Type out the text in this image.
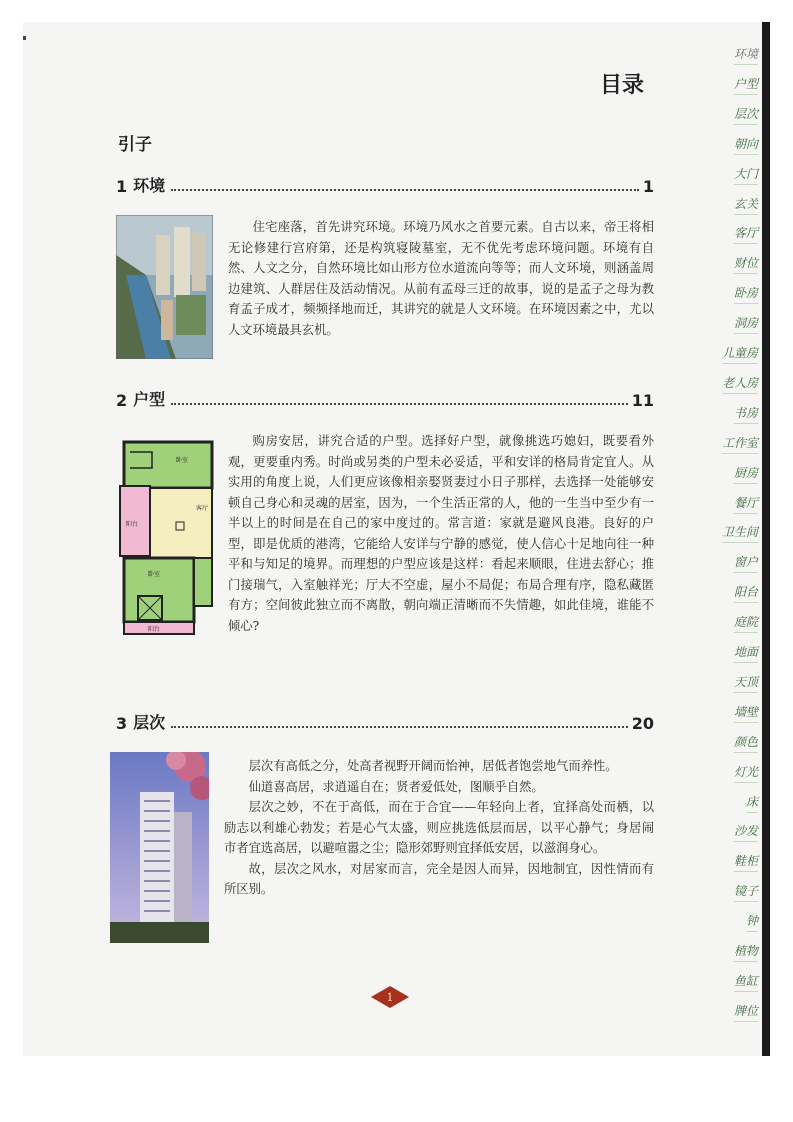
目录
引子
1 环境	1

住宅座落，首先讲究环境。环境乃风水之首要元素。自古以来，帝王将相无论修建行宫府第，还是构筑寝陵墓室，无不优先考虑环境问题。环境有自然、人文之分，自然环境比如山形方位水道流向等等；而人文环境，则涵盖周边建筑、人群居住及活动情况。从前有孟母三迁的故事，说的是孟子之母为教育孟子成才，频频择地而迁，其讲究的就是人文环境。在环境因素之中，尤以人文环境最具玄机。

2 户型	11
卧室
客厅
阳台
卧室
阳台

购房安居，讲究合适的户型。选择好户型，就像挑选巧媳妇，既要看外观，更要重内秀。时尚或另类的户型未必妥适，平和安详的格局肯定宜人。从实用的角度上说，人们更应该像相亲娶贤妻过小日子那样，去选择一处能够安顿自己身心和灵魂的居室，因为，一个生活正常的人，他的一生当中至少有一半以上的时间是在自己的家中度过的。常言道：家就是避风良港。良好的户型，即是优质的港湾，它能给人安详与宁静的感觉，使人信心十足地向往一种平和与知足的境界。而理想的户型应该是这样：看起来顺眼，住进去舒心；推门接瑞气，入室触祥光；厅大不空虚，屋小不局促；布局合理有序，隐私藏匿有方；空间彼此独立而不离散，朝向端正清晰而不失情趣，如此佳境，谁能不倾心?

3 层次	20

层次有高低之分，处高者视野开阔而怡神，居低者饱尝地气而养性。

仙道喜高居，求逍遥自在；贤者爱低处，图顺乎自然。

层次之妙，不在于高低，而在于合宜——年轻向上者，宜择高处而栖，以励志以利雄心勃发；若是心气太盛，则应挑选低层而居，以平心静气；身居闹市者宜选高居，以避喧嚣之尘；隐形郊野则宜择低安居，以滋润身心。

故，层次之风水，对居家而言，完全是因人而异，因地制宜，因性情而有所区别。

1
环境
户型
层次
朝向
大门
玄关
客厅
财位
卧房
洞房
儿童房
老人房
书房
工作室
厨房
餐厅
卫生间
窗户
阳台
庭院
地面
天顶
墙壁
颜色
灯光
床
沙发
鞋柜
镜子
钟
植物
鱼缸
牌位
